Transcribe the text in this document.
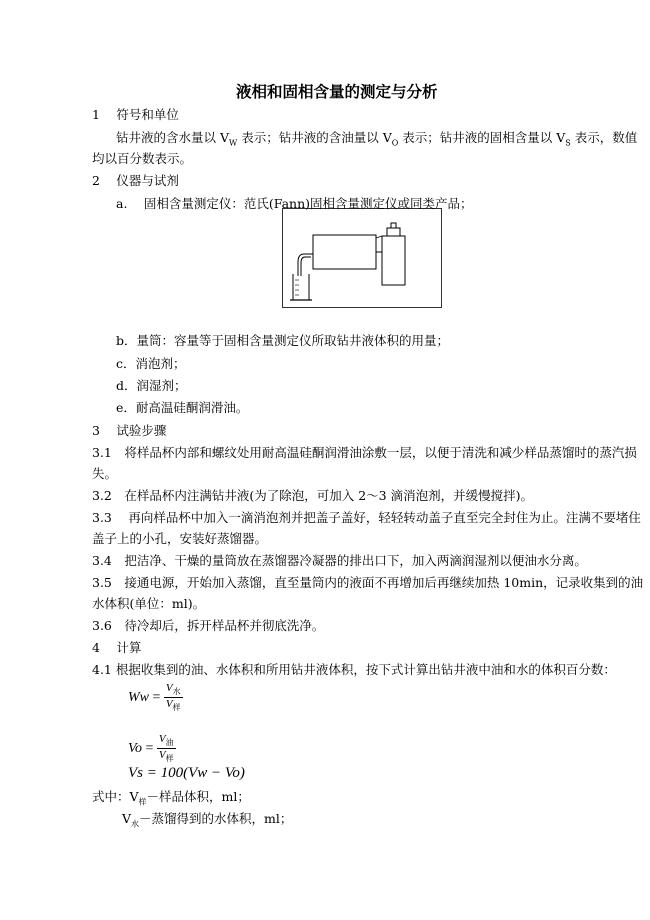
液相和固相含量的测定与分析
1　 符号和单位
钻井液的含水量以 $V_W$ 表示；钻井液的含油量以 $V_O$ 表示；钻井液的固相含量以 $V_S$ 表示，数值
均以百分数表示。
2　 仪器与试剂
a.　 固相含量测定仪：范氏(Fann)固相含量测定仪或同类产品；
b．量筒：容量等于固相含量测定仪所取钻井液体积的用量；
c．消泡剂；
d．润湿剂；
e．耐高温硅酮润滑油。
3　 试验步骤
3.1　将样品杯内部和螺纹处用耐高温硅酮润滑油涂敷一层，以便于清洗和减少样品蒸馏时的蒸汽损
失。
3.2　在样品杯内注满钻井液(为了除泡，可加入 2～3 滴消泡剂，并缓慢搅拌)。
3.3　 再向样品杯中加入一滴消泡剂并把盖子盖好，轻轻转动盖子直至完全封住为止。注满不要堵住
盖子上的小孔，安装好蒸馏器。
3.4　把洁净、干燥的量筒放在蒸馏器冷凝器的排出口下，加入两滴润湿剂以便油水分离。
3.5　接通电源，开始加入蒸馏，直至量筒内的液面不再增加后再继续加热 10min，记录收集到的油
水体积(单位：ml)。
3.6　待冷却后，拆开样品杯并彻底洗净。
4　 计算
4.1 根据收集到的油、水体积和所用钻井液体积，按下式计算出钻井液中油和水的体积百分数：
$Ww = \frac{V_水}{V_样}$
$Vo = \frac{V_油}{V_样}$
Vs = 100(Vw − Vo)
式中：$V_样-$样品体积，ml；
$V_水-$蒸馏得到的水体积，ml；
